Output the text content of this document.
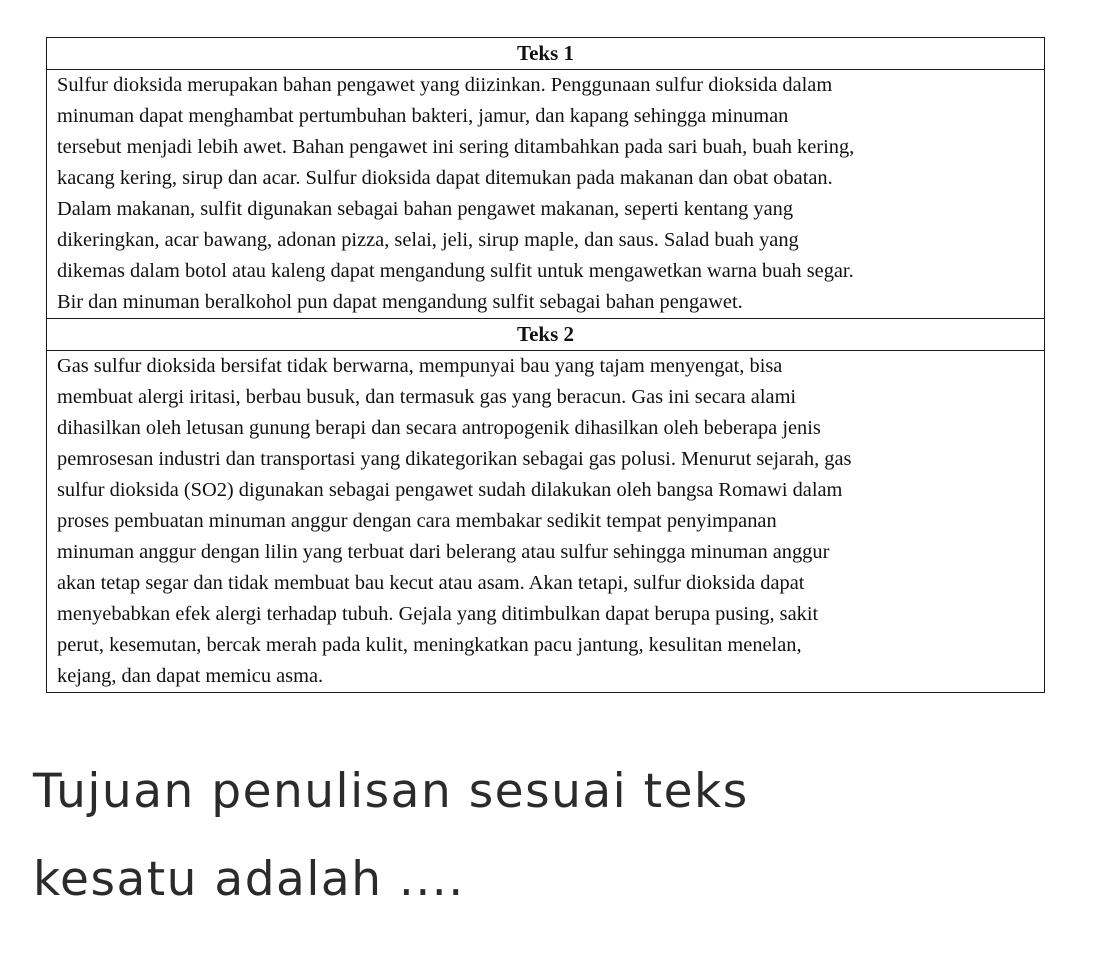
Teks 1

Sulfur dioksida merupakan bahan pengawet yang diizinkan. Penggunaan sulfur dioksida dalam
minuman dapat menghambat pertumbuhan bakteri, jamur, dan kapang sehingga minuman
tersebut menjadi lebih awet. Bahan pengawet ini sering ditambahkan pada sari buah, buah kering,
kacang kering, sirup dan acar. Sulfur dioksida dapat ditemukan pada makanan dan obat obatan.
Dalam makanan, sulfit digunakan sebagai bahan pengawet makanan, seperti kentang yang
dikeringkan, acar bawang, adonan pizza, selai, jeli, sirup maple, dan saus. Salad buah yang
dikemas dalam botol atau kaleng dapat mengandung sulfit untuk mengawetkan warna buah segar.
Bir dan minuman beralkohol pun dapat mengandung sulfit sebagai bahan pengawet.

Teks 2

Gas sulfur dioksida bersifat tidak berwarna, mempunyai bau yang tajam menyengat, bisa
membuat alergi iritasi, berbau busuk, dan termasuk gas yang beracun. Gas ini secara alami
dihasilkan oleh letusan gunung berapi dan secara antropogenik dihasilkan oleh beberapa jenis
pemrosesan industri dan transportasi yang dikategorikan sebagai gas polusi. Menurut sejarah, gas
sulfur dioksida (SO2) digunakan sebagai pengawet sudah dilakukan oleh bangsa Romawi dalam
proses pembuatan minuman anggur dengan cara membakar sedikit tempat penyimpanan
minuman anggur dengan lilin yang terbuat dari belerang atau sulfur sehingga minuman anggur
akan tetap segar dan tidak membuat bau kecut atau asam. Akan tetapi, sulfur dioksida dapat
menyebabkan efek alergi terhadap tubuh. Gejala yang ditimbulkan dapat berupa pusing, sakit
perut, kesemutan, bercak merah pada kulit, meningkatkan pacu jantung, kesulitan menelan,
kejang, dan dapat memicu asma.
Tujuan penulisan sesuai teks
kesatu adalah ....
